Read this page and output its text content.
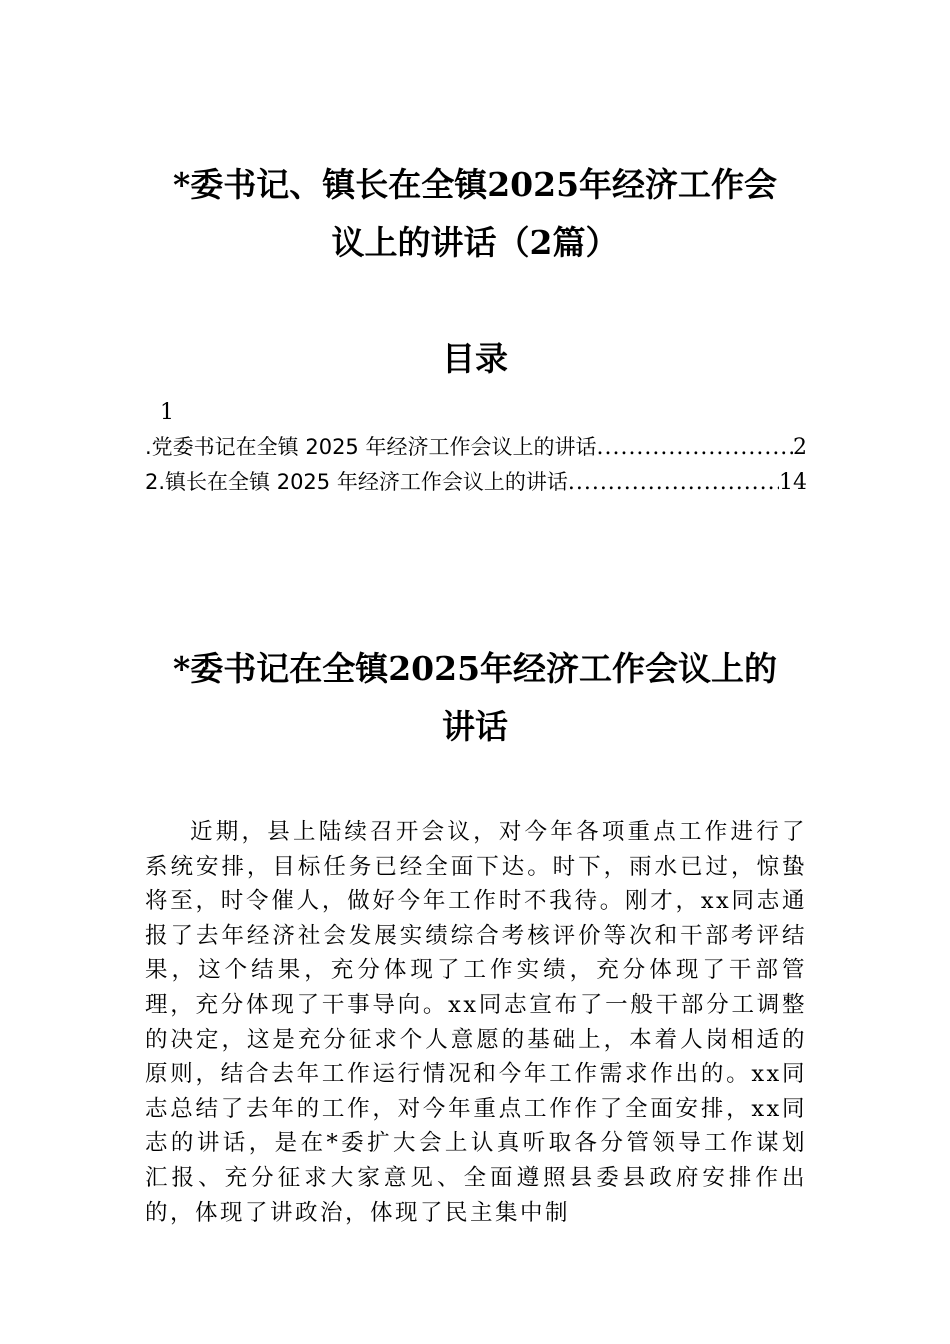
*委书记、镇长在全镇2025年经济工作会
议上的讲话（2篇）
目录
1
.党委书记在全镇 2025 年经济工作会议上的讲话 .....	2
2.镇长在全镇 2025 年经济工作会议上的讲话 .....	14
*委书记在全镇2025年经济工作会议上的
讲话

近期，县上陆续召开会议，对今年各项重点工作进行了系统安排，目标任务已经全面下达。时下，雨水已过，惊蛰将至，时令催人，做好今年工作时不我待。刚才，xx同志通报了去年经济社会发展实绩综合考核评价等次和干部考评结果，这个结果，充分体现了工作实绩，充分体现了干部管理，充分体现了干事导向。xx同志宣布了一般干部分工调整的决定，这是充分征求个人意愿的基础上，本着人岗相适的原则，结合去年工作运行情况和今年工作需求作出的。xx同志总结了去年的工作，对今年重点工作作了全面安排，xx同志的讲话，是在*委扩大会上认真听取各分管领导工作谋划汇报、充分征求大家意见、全面遵照县委县政府安排作出的，体现了讲政治，体现了民主集中制
